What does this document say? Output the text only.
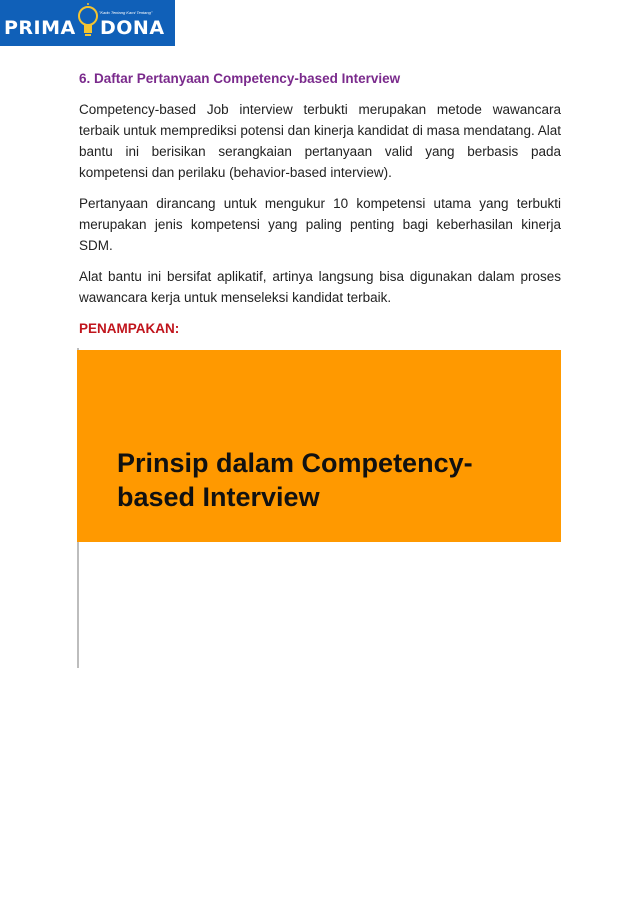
PRIMA
"Kado Tentang Kami Tentang"
DONA

6. Daftar Pertanyaan Competency-based Interview

Competency-based Job interview terbukti merupakan metode wawancara terbaik untuk memprediksi potensi dan kinerja kandidat di masa mendatang. Alat bantu ini berisikan serangkaian pertanyaan valid yang berbasis pada kompetensi dan perilaku (behavior-based interview).

Pertanyaan dirancang untuk mengukur 10 kompetensi utama yang terbukti merupakan jenis kompetensi yang paling penting bagi keberhasilan kinerja SDM.

Alat bantu ini bersifat aplikatif, artinya langsung bisa digunakan dalam proses wawancara kerja untuk menseleksi kandidat terbaik.

PENAMPAKAN:

Prinsip dalam Competency-
based Interview
